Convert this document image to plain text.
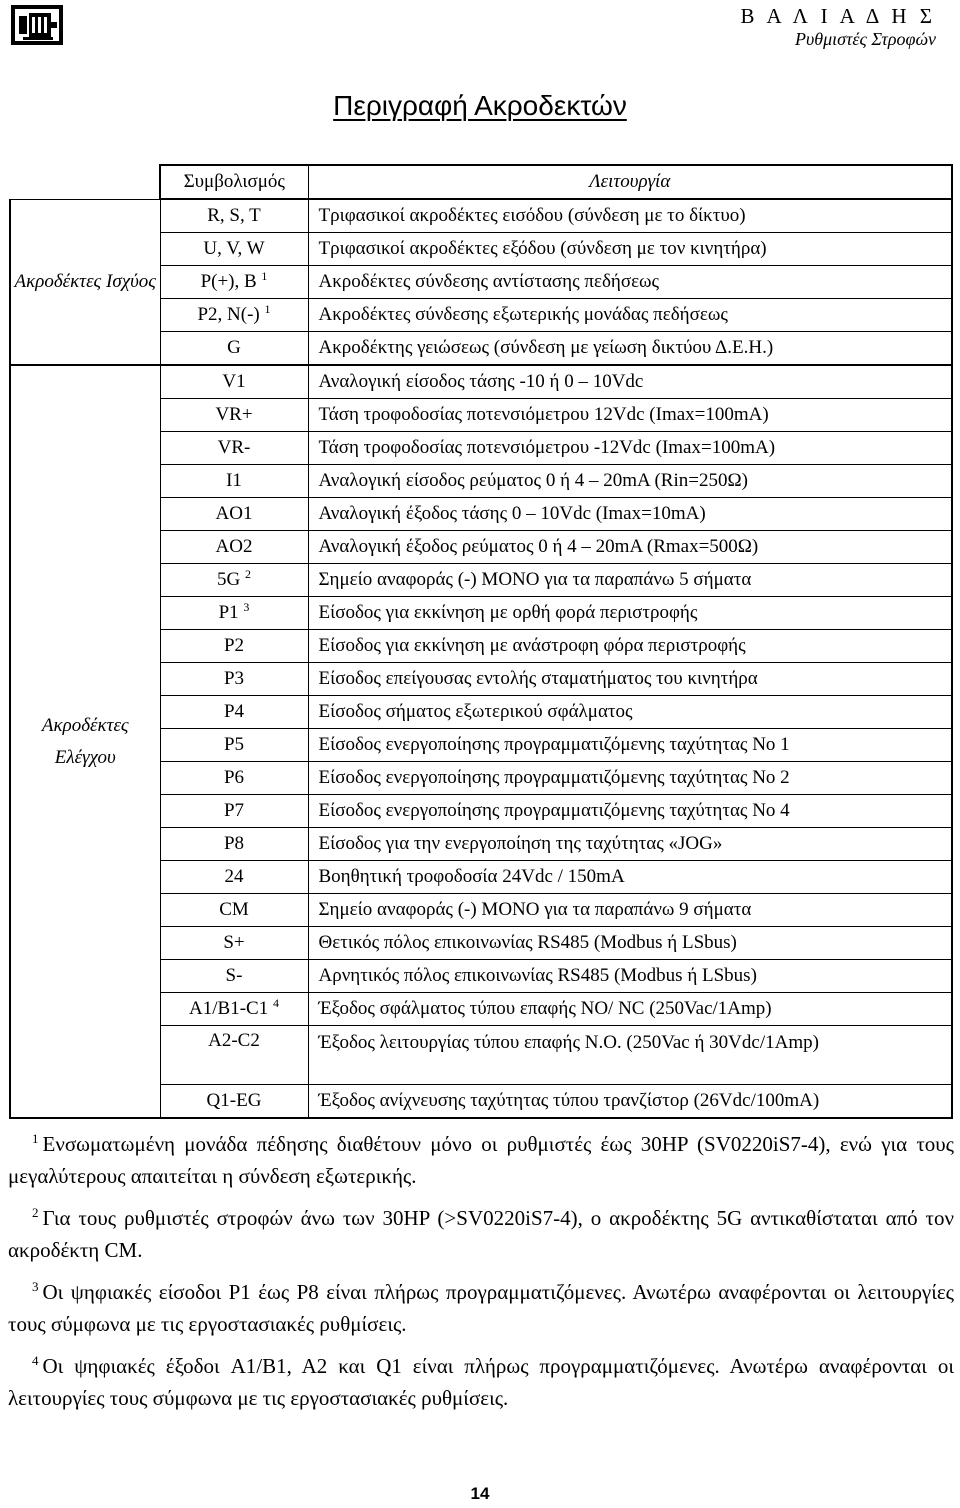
Β Α Λ Ι Α Δ Η Σ
Ρυθμιστές Στροφών
Περιγραφή Ακροδεκτών
	Συμβολισμός	Λειτουργία
Ακροδέκτες Ισχύος	R, S, T	Τριφασικοί ακροδέκτες εισόδου (σύνδεση με το δίκτυο)
	U, V, W	Τριφασικοί ακροδέκτες εξόδου (σύνδεση με τον κινητήρα)
	P(+), B $^1$	Ακροδέκτες σύνδεσης αντίστασης πεδήσεως
	P2, N(-) $^1$	Ακροδέκτες σύνδεσης εξωτερικής μονάδας πεδήσεως
	G	Ακροδέκτης γειώσεως (σύνδεση με γείωση δικτύου Δ.Ε.Η.)
Ακροδέκτες Ελέγχου	V1	Αναλογική είσοδος τάσης -10 ή 0 – 10Vdc
	VR+	Τάση τροφοδοσίας ποτενσιόμετρου 12Vdc (Imax=100mA)
	VR-	Τάση τροφοδοσίας ποτενσιόμετρου -12Vdc (Imax=100mA)
	I1	Αναλογική είσοδος ρεύματος 0 ή 4 – 20mA (Rin=250Ω)
	AO1	Αναλογική έξοδος τάσης 0 – 10Vdc (Imax=10mA)
	AO2	Αναλογική έξοδος ρεύματος 0 ή 4 – 20mA (Rmax=500Ω)
	5G $^2$	Σημείο αναφοράς (-) ΜΟΝΟ για τα παραπάνω 5 σήματα
	P1 $^3$	Είσοδος για εκκίνηση με ορθή φορά περιστροφής
	P2	Είσοδος για εκκίνηση με ανάστροφη φόρα περιστροφής
	P3	Είσοδος επείγουσας εντολής σταματήματος του κινητήρα
	P4	Είσοδος σήματος εξωτερικού σφάλματος
	P5	Είσοδος ενεργοποίησης προγραμματιζόμενης ταχύτητας No 1
	P6	Είσοδος ενεργοποίησης προγραμματιζόμενης ταχύτητας No 2
	P7	Είσοδος ενεργοποίησης προγραμματιζόμενης ταχύτητας No 4
	P8	Είσοδος για την ενεργοποίηση της ταχύτητας «JOG»
	24	Βοηθητική τροφοδοσία 24Vdc / 150mA
	CM	Σημείο αναφοράς (-) ΜΟΝΟ για τα παραπάνω 9 σήματα
	S+	Θετικός πόλος επικοινωνίας RS485 (Modbus ή LSbus)
	S-	Αρνητικός πόλος επικοινωνίας RS485 (Modbus ή LSbus)
	A1/B1-C1 $^4$	Έξοδος σφάλματος τύπου επαφής NO/ NC (250Vac/1Amp)
	A2-C2	Έξοδος λειτουργίας τύπου επαφής Ν.Ο. (250Vac ή 30Vdc/1Amp)
	Q1-EG	Έξοδος ανίχνευσης ταχύτητας τύπου τρανζίστορ (26Vdc/100mA)
$^1$ Ενσωματωμένη μονάδα πέδησης διαθέτουν μόνο οι ρυθμιστές έως 30HP (SV0220iS7-4), ενώ για τους μεγαλύτερους απαιτείται η σύνδεση εξωτερικής.
$^2$ Για τους ρυθμιστές στροφών άνω των 30HP (>SV0220iS7-4), ο ακροδέκτης 5G αντικαθίσταται από τον ακροδέκτη CM.
$^3$ Οι ψηφιακές είσοδοι P1 έως P8 είναι πλήρως προγραμματιζόμενες. Ανωτέρω αναφέρονται οι λειτουργίες τους σύμφωνα με τις εργοστασιακές ρυθμίσεις.
$^4$ Οι ψηφιακές έξοδοι A1/B1, A2 και Q1 είναι πλήρως προγραμματιζόμενες. Ανωτέρω αναφέρονται οι λειτουργίες τους σύμφωνα με τις εργοστασιακές ρυθμίσεις.
14
